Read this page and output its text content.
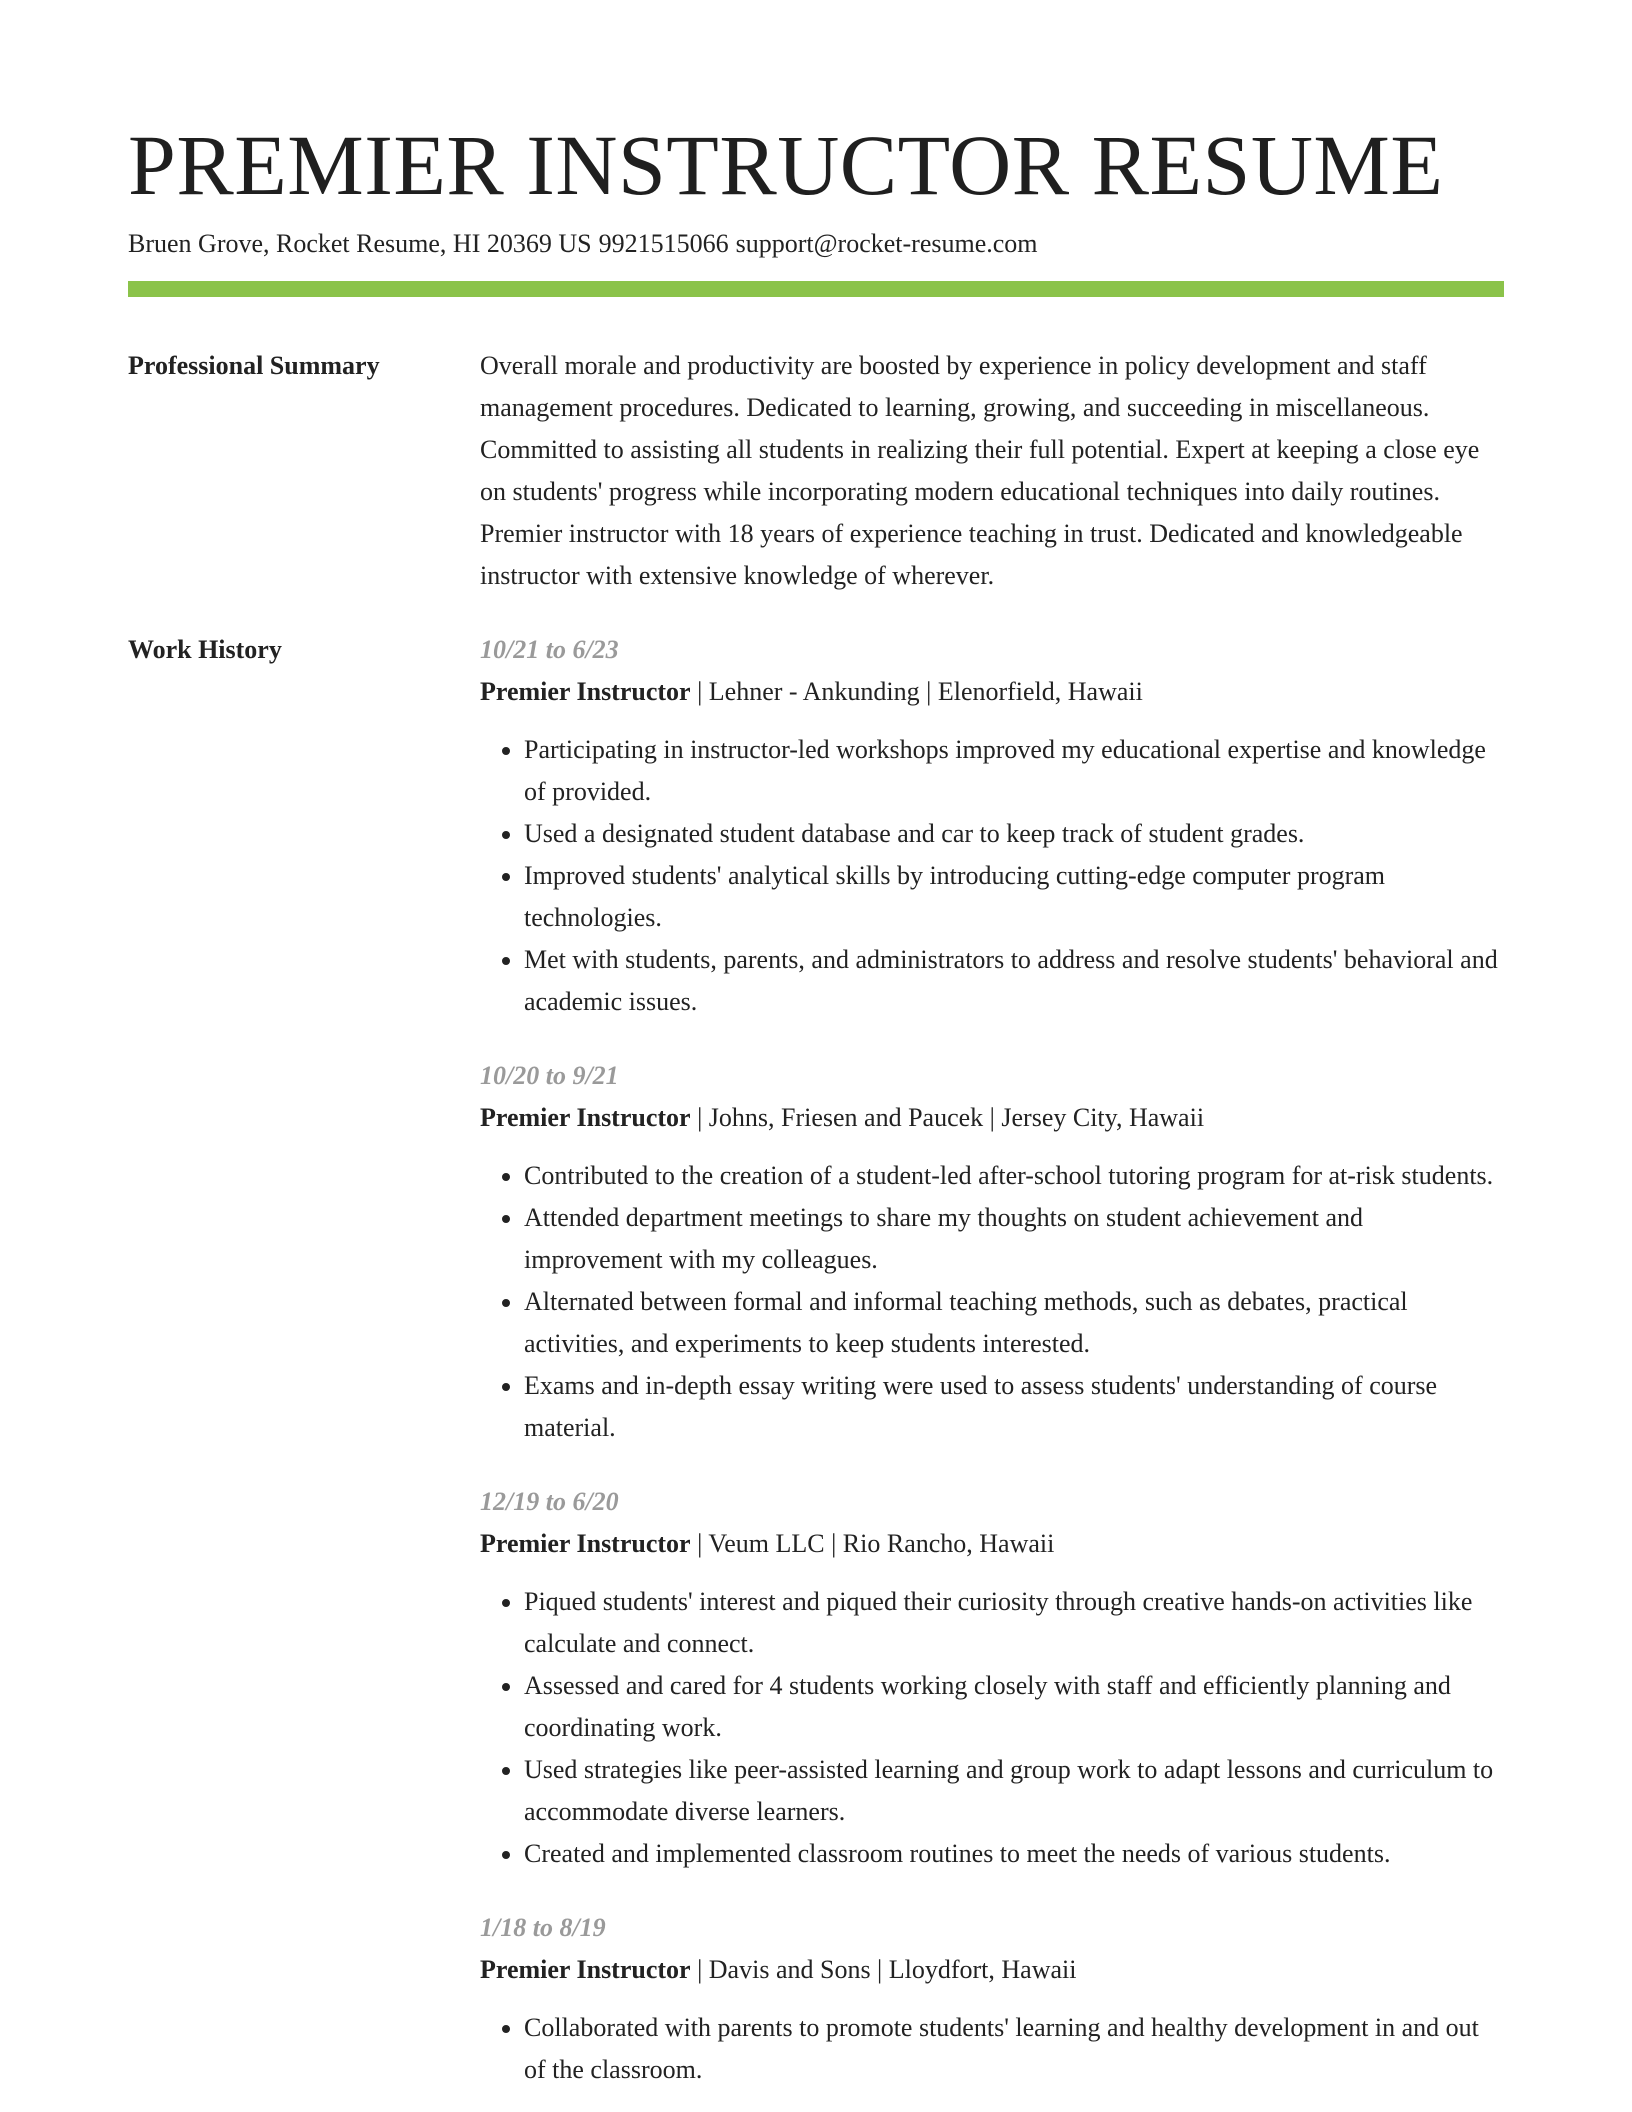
PREMIER INSTRUCTOR RESUME
Bruen Grove, Rocket Resume, HI 20369 US 9921515066 support@rocket-resume.com
Professional Summary	Overall morale and productivity are boosted by experience in policy development and staff management procedures. Dedicated to learning, growing, and succeeding in miscellaneous. Committed to assisting all students in realizing their full potential. Expert at keeping a close eye on students' progress while incorporating modern educational techniques into daily routines. Premier instructor with 18 years of experience teaching in trust. Dedicated and knowledgeable instructor with extensive knowledge of wherever.

Work History	10/21 to 6/23
Premier Instructor | Lehner - Ankunding | Elenorfield, Hawaii
• Participating in instructor-led workshops improved my educational expertise and knowledge of provided.
• Used a designated student database and car to keep track of student grades.
• Improved students' analytical skills by introducing cutting-edge computer program technologies.
• Met with students, parents, and administrators to address and resolve students' behavioral and academic issues.
10/20 to 9/21
Premier Instructor | Johns, Friesen and Paucek | Jersey City, Hawaii
• Contributed to the creation of a student-led after-school tutoring program for at-risk students.
• Attended department meetings to share my thoughts on student achievement and improvement with my colleagues.
• Alternated between formal and informal teaching methods, such as debates, practical activities, and experiments to keep students interested.
• Exams and in-depth essay writing were used to assess students' understanding of course material.
12/19 to 6/20
Premier Instructor | Veum LLC | Rio Rancho, Hawaii
• Piqued students' interest and piqued their curiosity through creative hands-on activities like calculate and connect.
• Assessed and cared for 4 students working closely with staff and efficiently planning and coordinating work.
• Used strategies like peer-assisted learning and group work to adapt lessons and curriculum to accommodate diverse learners.
• Created and implemented classroom routines to meet the needs of various students.
1/18 to 8/19
Premier Instructor | Davis and Sons | Lloydfort, Hawaii
• Collaborated with parents to promote students' learning and healthy development in and out of the classroom.
